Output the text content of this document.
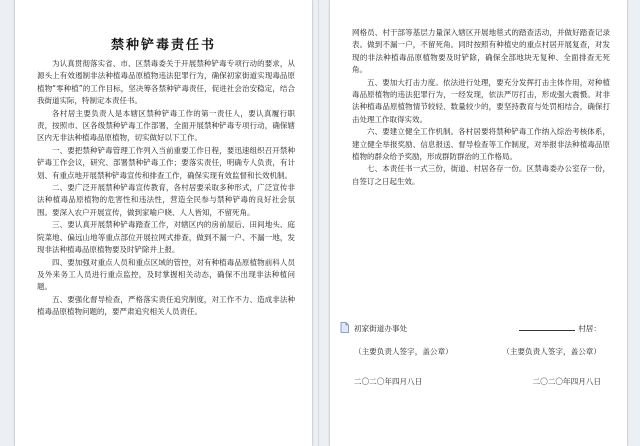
禁种铲毒责任书

为认真贯彻落实省、市、区禁毒委关于开展禁种铲毒专项行动的要求，从源头上有效遏制非法种植毒品原植物违法犯罪行为，确保初家街道实现毒品原植物“零种植”的工作目标，坚决筹各禁种铲毒责任，促进社会治安稳定，结合我街道实际，特制定本责任书。

各村居主要负责人是本辖区禁种铲毒工作的第一责任人，要认真履行职责，按照市、区各级禁种铲毒工作部署，全面开展禁种铲毒专项行动，确保辖区内无非法种植毒品原植物，切实做好以下工作。

一、要把禁种铲毒管理工作列入当前重要工作日程，要迅速组织召开禁种铲毒工作会议，研究、部署禁种铲毒工作；要落实责任，明确专人负责，有计划、有重点地开展禁种铲毒宣传和排查工作，确保实现有效监督和长效机制。

二、要广泛开展禁种铲毒宣传教育，各村居要采取多种形式，广泛宣传非法种植毒品原植物的危害性和违法性，营造全民参与禁种铲毒的良好社会氛围。要深入农户开展宣传，做到家喻户晓、人人皆知，不留死角。

三、要认真开展禁种铲毒踏查工作，对辖区内的房前屋后、田间地头、庭院菜地、偏远山地等重点部位开展拉网式排查，做到不漏一户、不漏一地，发现非法种植毒品原植物要及时铲除并上报。

四、要加强对重点人员和重点区域的管控，对有种植毒品原植物前科人员及外来务工人员进行重点监控，及时掌握相关动态，确保不出现非法种植问题。

五、要强化督导检查，严格落实责任追究制度，对工作不力、造成非法种植毒品原植物问题的，要严肃追究相关人员责任。

网格员、村干部等基层力量深入辖区开展地毯式的踏查活动，并做好踏查记录表。做到不漏一户，不留死角。同时按照有种植史的重点村居开展复查，对发现的非法种植毒品原植物要及时铲除，确保全部地块无复种、全面排查无死角。

五、要加大打击力度。依法进行处理，要充分发挥打击主体作用，对种植毒品原植物的违法犯罪行为，一经发现，依法严厉打击，形成强大震慑。对非法种植毒品原植物情节较轻、数量较少的，要坚持教育与处罚相结合，确保打击处理工作取得实效。

六、要建立健全工作机制。各村居要将禁种铲毒工作纳入综治考核体系，建立健全举报奖励、信息报送、督导检查等工作制度，对举报非法种植毒品原植物的群众给予奖励，形成群防群治的工作格局。

七、本责任书一式三份，街道、村居各存一份。区禁毒委办公室存一份，自签订之日起生效。

初家街道办事处	村居：
（主要负责人签字，盖公章）	（主要负责人签字，盖公章）
二〇二〇年四月八日	二〇二〇年四月八日
